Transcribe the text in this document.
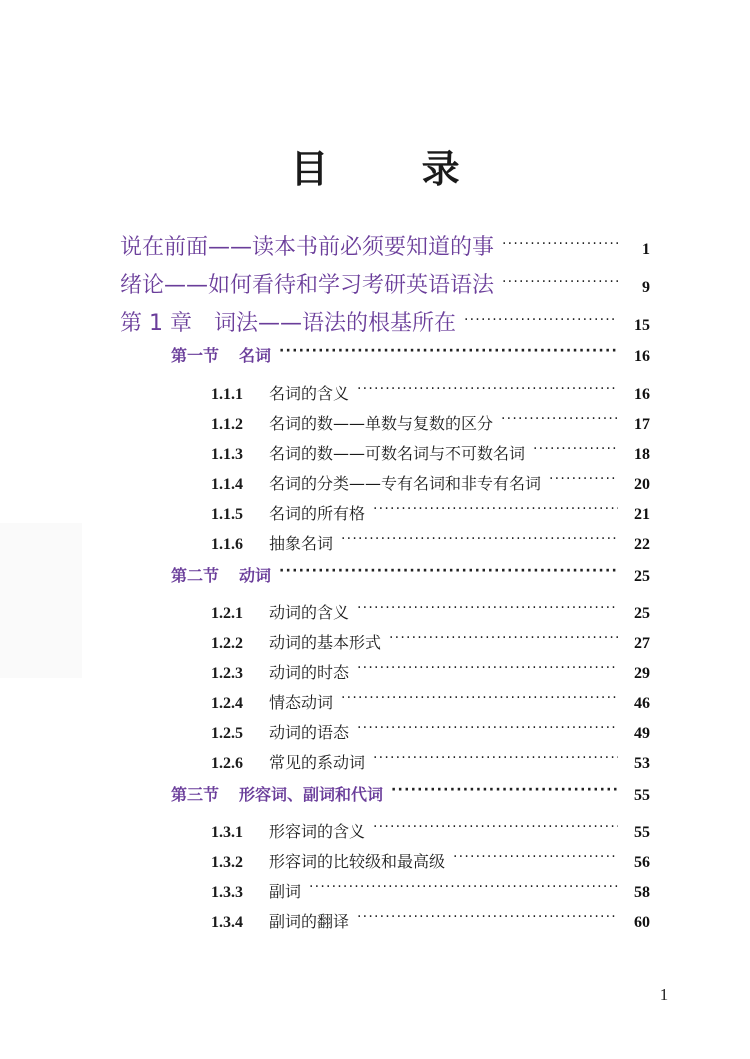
目 录
说在前面——读本书前必须要知道的事 ·····	1
绪论——如何看待和学习考研英语语法 ·····	9
第 1 章 词法——语法的根基所在 ·····	15
第一节 名词 ·····	16
1.1.1	名词的含义 ·····	16
1.1.2	名词的数——单数与复数的区分 ·····	17
1.1.3	名词的数——可数名词与不可数名词 ·····	18
1.1.4	名词的分类——专有名词和非专有名词 ·····	20
1.1.5	名词的所有格 ·····	21
1.1.6	抽象名词 ·····	22
第二节 动词 ·····	25
1.2.1	动词的含义 ·····	25
1.2.2	动词的基本形式 ·····	27
1.2.3	动词的时态 ·····	29
1.2.4	情态动词 ·····	46
1.2.5	动词的语态 ·····	49
1.2.6	常见的系动词 ·····	53
第三节 形容词、副词和代词 ·····	55
1.3.1	形容词的含义 ·····	55
1.3.2	形容词的比较级和最高级 ·····	56
1.3.3	副词 ·····	58
1.3.4	副词的翻译 ·····	60
1
